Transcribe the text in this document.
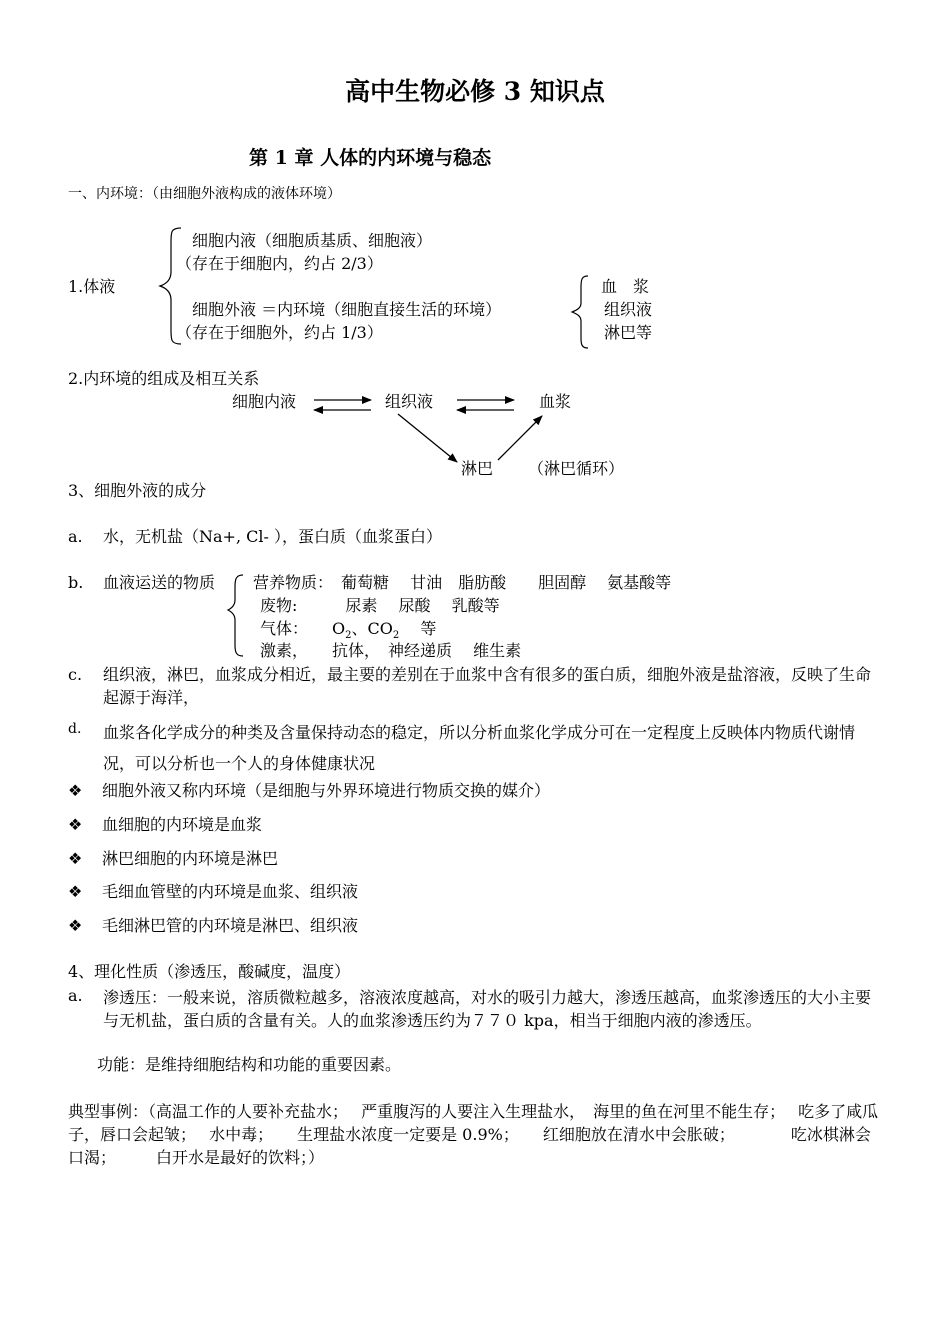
高中生物必修 3 知识点
第 1 章 人体的内环境与稳态
一、内环境：（由细胞外液构成的液体环境）
1.体液
细胞内液（细胞质基质、细胞液）
（存在于细胞内，约占 2/3）
细胞外液 ＝内环境（细胞直接生活的环境）
（存在于细胞外，约占 1/3）
血　浆
组织液
淋巴等
2.内环境的组成及相互关系
细胞内液	组织液	血浆
淋巴 （淋巴循环）
3、细胞外液的成分
a. 水，无机盐（Na+, Cl- ），蛋白质（血浆蛋白）
b. 血液运送的物质 营养物质：　葡萄糖　 甘油　脂肪酸　　胆固醇　 氨基酸等
废物:　　　尿素　 尿酸　 乳酸等
气体：　　$O_2$、$CO_2$　 等
激素，　　抗体，　神经递质　 维生素
c. 组织液，淋巴，血浆成分相近，最主要的差别在于血浆中含有很多的蛋白质，细胞外液是盐溶液，反映了生命起源于海洋，
d. 血浆各化学成分的种类及含量保持动态的稳定，所以分析血浆化学成分可在一定程度上反映体内物质代谢情况，可以分析也一个人的身体健康状况
❖ 细胞外液又称内环境（是细胞与外界环境进行物质交换的媒介）
❖ 血细胞的内环境是血浆
❖ 淋巴细胞的内环境是淋巴
❖ 毛细血管壁的内环境是血浆、组织液
❖ 毛细淋巴管的内环境是淋巴、组织液
4、理化性质（渗透压，酸碱度，温度）
a. 渗透压：一般来说，溶质微粒越多，溶液浓度越高，对水的吸引力越大，渗透压越高，血浆渗透压的大小主要与无机盐，蛋白质的含量有关。人的血浆渗透压约为７７０ kpa，相当于细胞内液的渗透压。
功能：是维持细胞结构和功能的重要因素。
典型事例：（高温工作的人要补充盐水；　 严重腹泻的人要注入生理盐水，　海里的鱼在河里不能生存；　 吃多了咸瓜子，唇口会起皱；　 水中毒；　　生理盐水浓度一定要是 0.9%；　　红细胞放在清水中会胀破；　　　　吃冰棋淋会口渴；　　　白开水是最好的饮料；）
